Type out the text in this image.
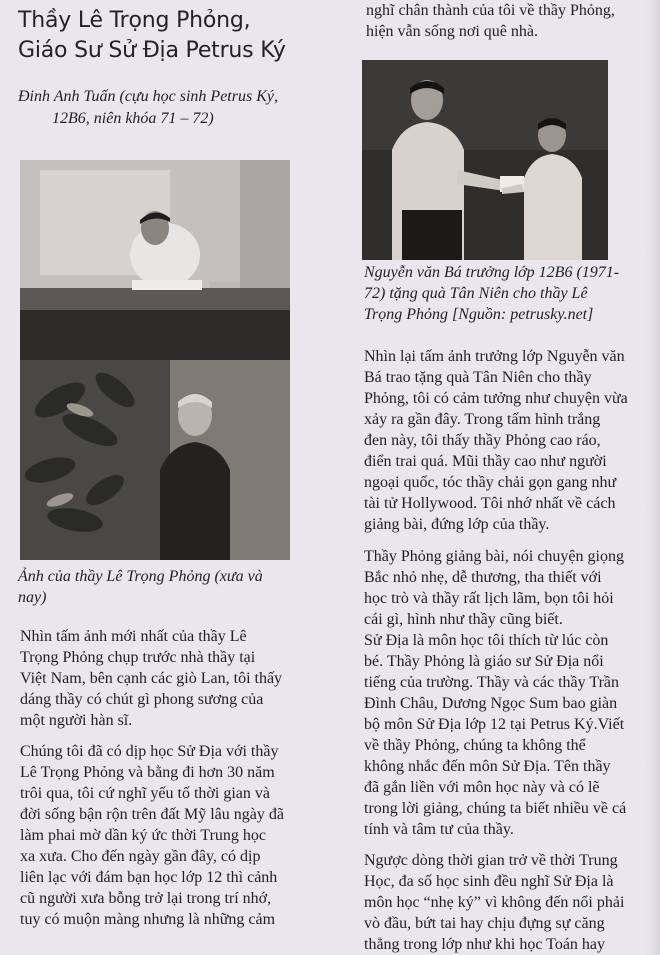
Thầy Lê Trọng Phỏng,
Giáo Sư Sử Địa Petrus Ký

Đinh Anh Tuấn (cựu học sinh Petrus Ký,
12B6, niên khóa 71 – 72)

Ảnh của thầy Lê Trọng Phỏng (xưa và
nay)

Nhìn tấm ảnh mới nhất của thầy Lê
Trọng Phỏng chụp trước nhà thầy tại
Việt Nam, bên cạnh các giò Lan, tôi thấy
dáng thầy có chút gì phong sương của
một người hàn sĩ.

Chúng tôi đã có dịp học Sử Địa với thầy
Lê Trọng Phỏng và bằng đi hơn 30 năm
trôi qua, tôi cứ nghĩ yếu tố thời gian và
đời sống bận rộn trên đất Mỹ lâu ngày đã
làm phai mờ dần ký ức thời Trung học
xa xưa. Cho đến ngày gần đây, có dịp
liên lạc với đám bạn học lớp 12 thì cảnh
cũ người xưa bỗng trở lại trong trí nhớ,
tuy có muộn màng nhưng là những cảm

nghĩ chân thành của tôi về thầy Phỏng,
hiện vẫn sống nơi quê nhà.

Nguyễn văn Bá trưởng lớp 12B6 (1971-
72) tặng quà Tân Niên cho thầy Lê
Trọng Phỏng [Nguồn: petrusky.net]

Nhìn lại tấm ảnh trưởng lớp Nguyễn văn
Bá trao tặng quà Tân Niên cho thầy
Phỏng, tôi có cảm tưởng như chuyện vừa
xảy ra gần đây. Trong tấm hình trắng
đen này, tôi thấy thầy Phỏng cao ráo,
điển trai quá. Mũi thầy cao như người
ngoại quốc, tóc thầy chải gọn gang như
tài tử Hollywood. Tôi nhớ nhất về cách
giảng bài, đứng lớp của thầy.

Thầy Phỏng giảng bài, nói chuyện giọng
Bắc nhỏ nhẹ, dễ thương, tha thiết với
học trò và thầy rất lịch lãm, bọn tôi hỏi
cái gì, hình như thầy cũng biết.
Sử Địa là môn học tôi thích từ lúc còn
bé. Thầy Phỏng là giáo sư Sử Địa nổi
tiếng của trường. Thầy và các thầy Trần
Đình Châu, Dương Ngọc Sum bao giàn
bộ môn Sử Địa lớp 12 tại Petrus Ký.Viết
về thầy Phỏng, chúng ta không thể
không nhắc đến môn Sử Địa. Tên thầy
đã gắn liền với môn học này và có lẽ
trong lời giảng, chúng ta biết nhiều về cá
tính và tâm tư của thầy.

Ngược dòng thời gian trở về thời Trung
Học, đa số học sinh đều nghĩ Sử Địa là
môn học “nhẹ ký” vì không đến nổi phải
vò đầu, bứt tai hay chịu đựng sự căng
thẳng trong lớp như khi học Toán hay
